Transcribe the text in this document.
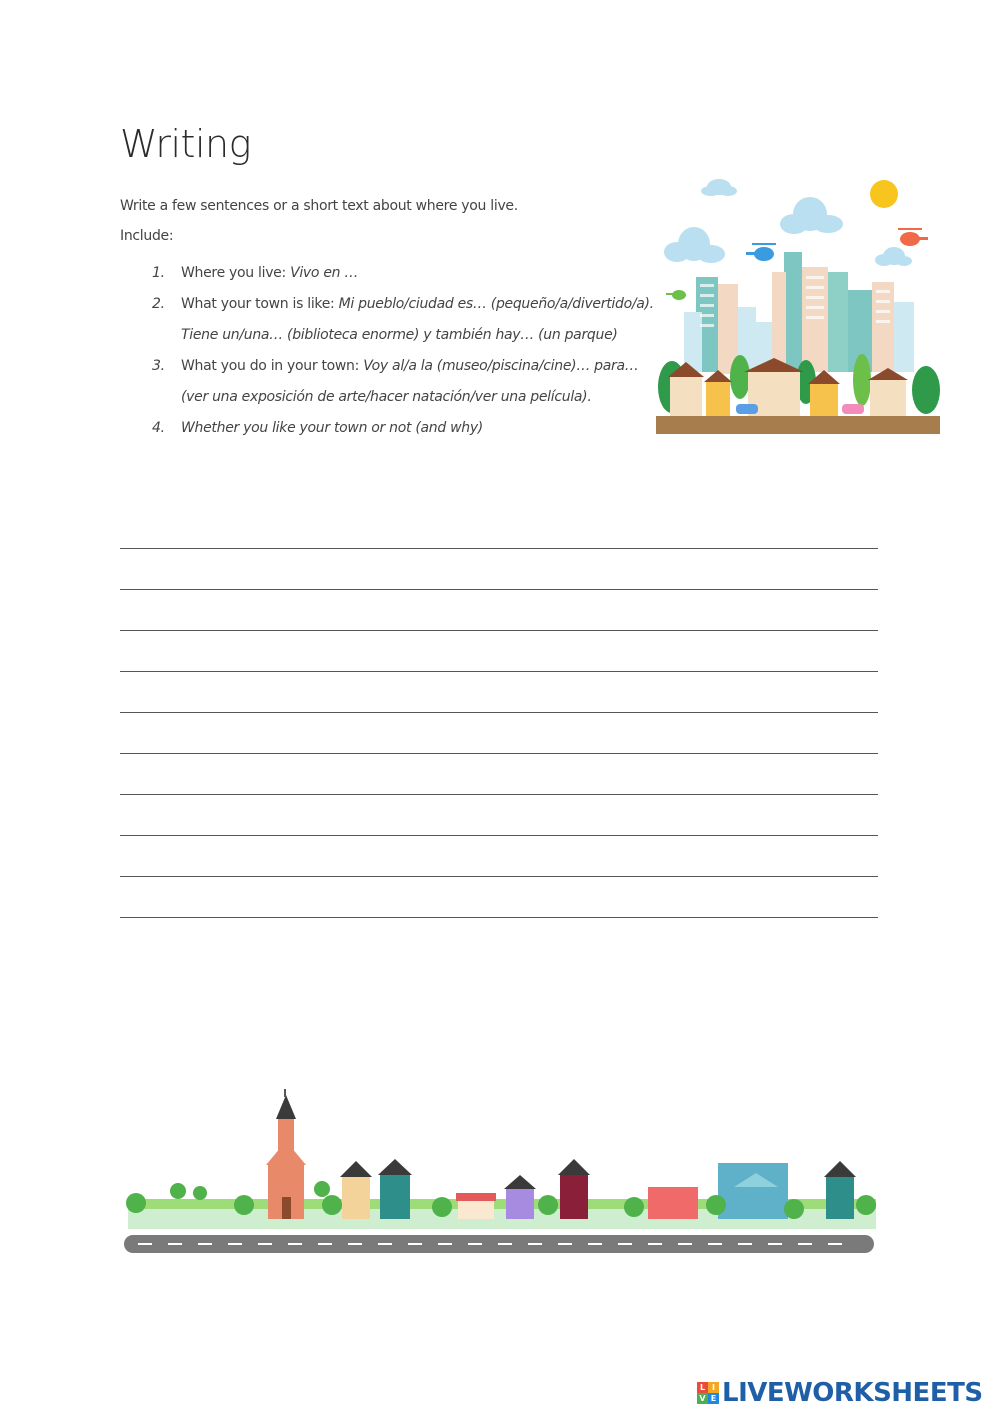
Writing
Write a few sentences or a short text about where you live.
Include:
1. Where you live: Vivo en …
2. What your town is like: Mi pueblo/ciudad es… (pequeño/a/divertido/a).
Tiene un/una… (biblioteca enorme) y también hay… (un parque)
3. What you do in your town: Voy al/a la (museo/piscina/cine)… para…
(ver una exposición de arte/hacer natación/ver una película).
4. Whether you like your town or not (and why)
L I
V E LIVEWORKSHEETS
